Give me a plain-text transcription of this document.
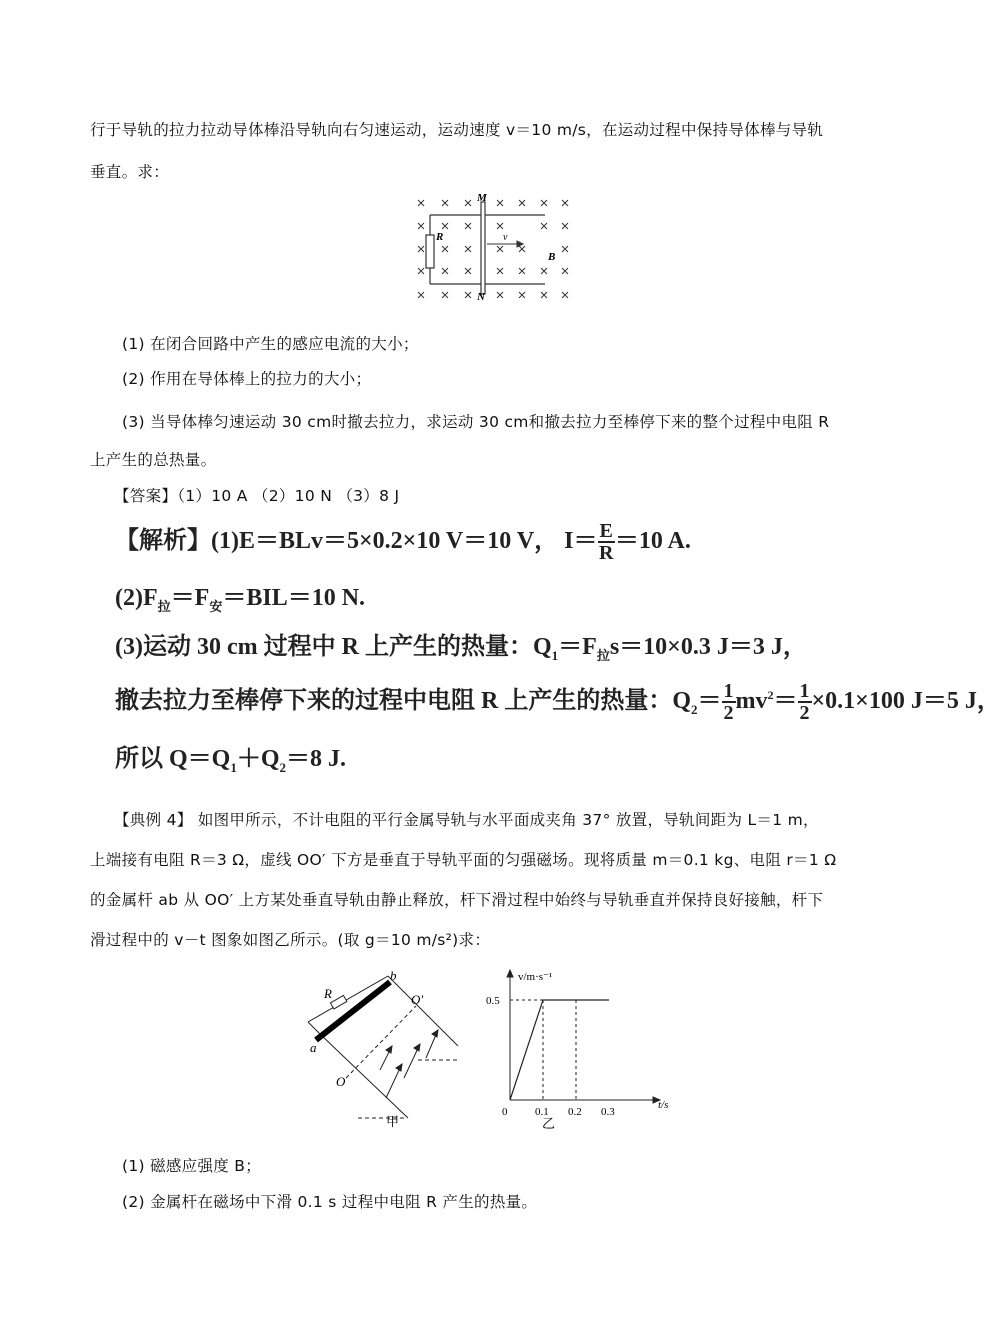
行于导轨的拉力拉动导体棒沿导轨向右匀速运动，运动速度 v＝10 m/s，在运动过程中保持导体棒与导轨
垂直。求：
M
N
R	v
B
(1) 在闭合回路中产生的感应电流的大小；
(2) 作用在导体棒上的拉力的大小；
(3) 当导体棒匀速运动 30 cm时撤去拉力，求运动 30 cm和撤去拉力至棒停下来的整个过程中电阻 R
上产生的总热量。
【答案】（1）10 A （2）10 N （3）8 J
【解析】(1)E＝BLv＝5×0.2×10 V＝10 V， $I= \frac{E}{R} =10$ A.
$(2)F_拉=F_安=BIL=10$ N.
(3)运动 30 cm 过程中 R 上产生的热量：$Q_1=F_拉s=10\times 0.3$ J＝3 J，
撤去拉力至棒停下来的过程中电阻 R 上产生的热量：$Q_2= \frac{1}{2} mv^2= \frac{1}{2} \times 0.1\times 100$ J＝5 J，
所以 $Q=Q_1+Q_2=8$ J.
【典例 4】 如图甲所示，不计电阻的平行金属导轨与水平面成夹角 37° 放置，导轨间距为 L＝1 m，
上端接有电阻 R＝3 Ω，虚线 OO′ 下方是垂直于导轨平面的匀强磁场。现将质量 m＝0.1 kg、电阻 r＝1 Ω
的金属杆 ab 从 OO′ 上方某处垂直导轨由静止释放，杆下滑过程中始终与导轨垂直并保持良好接触，杆下
滑过程中的 v－t 图象如图乙所示。(取 g＝10 m/s²)求：
R
b
a
O
O′
甲
0.5
0	0.1 0.2 0.3
v/m·s⁻¹
t/s
乙
(1) 磁感应强度 B；
(2) 金属杆在磁场中下滑 0.1 s 过程中电阻 R 产生的热量。
